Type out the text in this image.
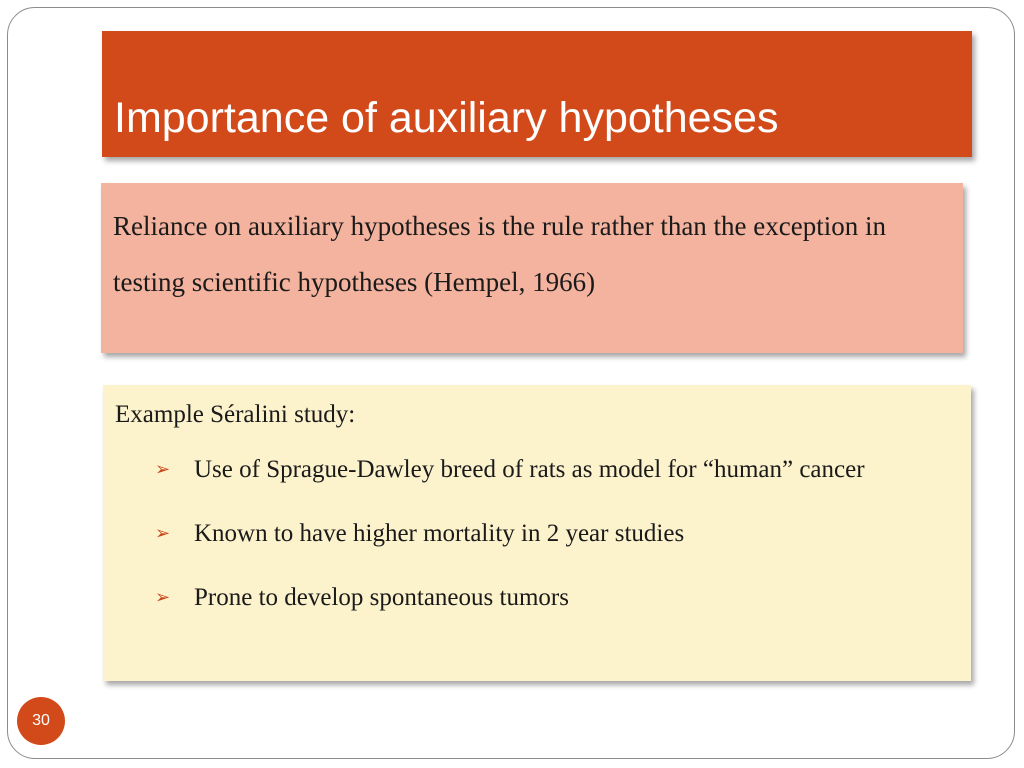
Importance of auxiliary hypotheses

Reliance on auxiliary hypotheses is the rule rather than the exception in testing scientific hypotheses (Hempel, 1966)

Example Séralini study:

➢ Use of Sprague-Dawley breed of rats as model for “human” cancer
➢ Known to have higher mortality in 2 year studies
➢ Prone to develop spontaneous tumors
30
